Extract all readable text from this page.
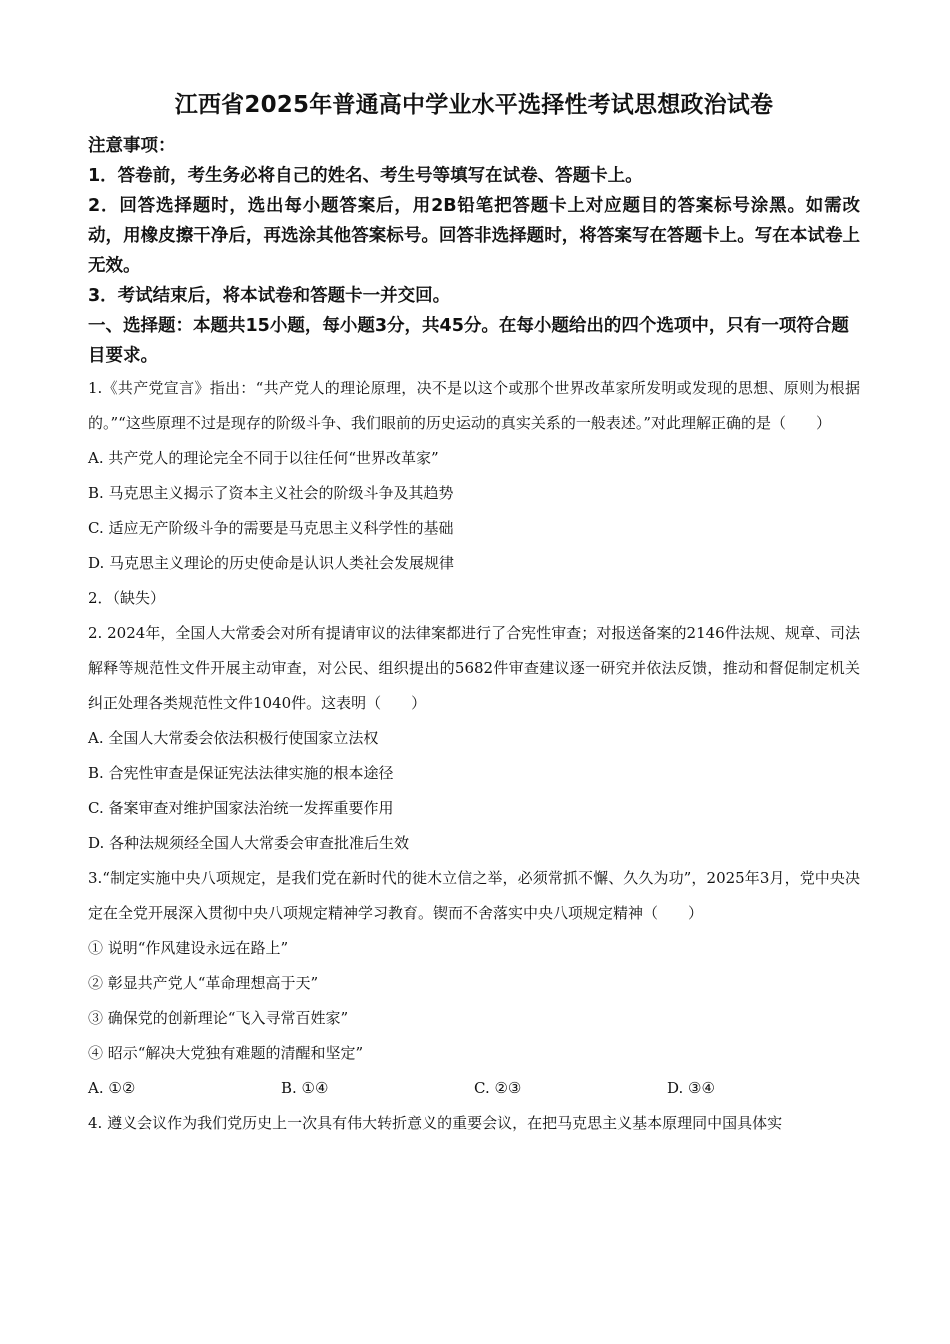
江西省2025年普通高中学业水平选择性考试思想政治试卷
注意事项：
1．答卷前，考生务必将自己的姓名、考生号等填写在试卷、答题卡上。
2．回答选择题时，选出每小题答案后，用2B铅笔把答题卡上对应题目的答案标号涂黑。如需改动，用橡皮擦干净后，再选涂其他答案标号。回答非选择题时，将答案写在答题卡上。写在本试卷上无效。
3．考试结束后，将本试卷和答题卡一并交回。
一、选择题：本题共15小题，每小题3分，共45分。在每小题给出的四个选项中，只有一项符合题目要求。
1.《共产党宣言》指出：“共产党人的理论原理，决不是以这个或那个世界改革家所发明或发现的思想、原则为根据的。”“这些原理不过是现存的阶级斗争、我们眼前的历史运动的真实关系的一般表述。”对此理解正确的是（　　）
A. 共产党人的理论完全不同于以往任何“世界改革家”
B. 马克思主义揭示了资本主义社会的阶级斗争及其趋势
C. 适应无产阶级斗争的需要是马克思主义科学性的基础
D. 马克思主义理论的历史使命是认识人类社会发展规律
2．（缺失）
2. 2024年，全国人大常委会对所有提请审议的法律案都进行了合宪性审查；对报送备案的2146件法规、规章、司法解释等规范性文件开展主动审查，对公民、组织提出的5682件审查建议逐一研究并依法反馈，推动和督促制定机关纠正处理各类规范性文件1040件。这表明（　　）
A. 全国人大常委会依法积极行使国家立法权
B. 合宪性审查是保证宪法法律实施的根本途径
C. 备案审查对维护国家法治统一发挥重要作用
D. 各种法规须经全国人大常委会审查批准后生效
3.“制定实施中央八项规定，是我们党在新时代的徙木立信之举，必须常抓不懈、久久为功”，2025年3月，党中央决定在全党开展深入贯彻中央八项规定精神学习教育。锲而不舍落实中央八项规定精神（　　）
① 说明“作风建设永远在路上”
② 彰显共产党人“革命理想高于天”
③ 确保党的创新理论“飞入寻常百姓家”
④ 昭示“解决大党独有难题的清醒和坚定”
A. ①②	B. ①④	C. ②③	D. ③④
4. 遵义会议作为我们党历史上一次具有伟大转折意义的重要会议，在把马克思主义基本原理同中国具体实
